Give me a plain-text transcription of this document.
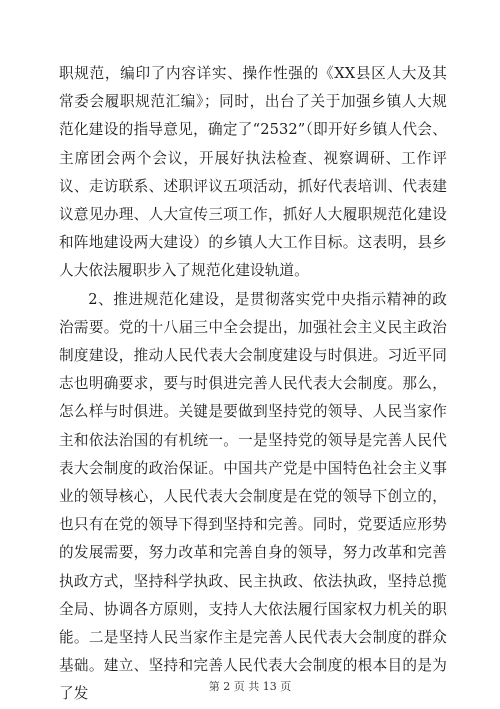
职规范，编印了内容详实、操作性强的《XX县区人大及其常委会履职规范汇编》；同时，出台了关于加强乡镇人大规范化建设的指导意见，确定了“2532”（即开好乡镇人代会、主席团会两个会议，开展好执法检查、视察调研、工作评议、走访联系、述职评议五项活动，抓好代表培训、代表建议意见办理、人大宣传三项工作，抓好人大履职规范化建设和阵地建设两大建设）的乡镇人大工作目标。这表明，县乡人大依法履职步入了规范化建设轨道。

2、推进规范化建设，是贯彻落实党中央指示精神的政治需要。党的十八届三中全会提出，加强社会主义民主政治制度建设，推动人民代表大会制度建设与时俱进。习近平同志也明确要求，要与时俱进完善人民代表大会制度。那么，怎么样与时俱进。关键是要做到坚持党的领导、人民当家作主和依法治国的有机统一。一是坚持党的领导是完善人民代表大会制度的政治保证。中国共产党是中国特色社会主义事业的领导核心，人民代表大会制度是在党的领导下创立的，也只有在党的领导下得到坚持和完善。同时，党要适应形势的发展需要，努力改革和完善自身的领导，努力改革和完善执政方式，坚持科学执政、民主执政、依法执政，坚持总揽全局、协调各方原则，支持人大依法履行国家权力机关的职能。二是坚持人民当家作主是完善人民代表大会制度的群众基础。建立、坚持和完善人民代表大会制度的根本目的是为了发	第 2 页 共 13 页
